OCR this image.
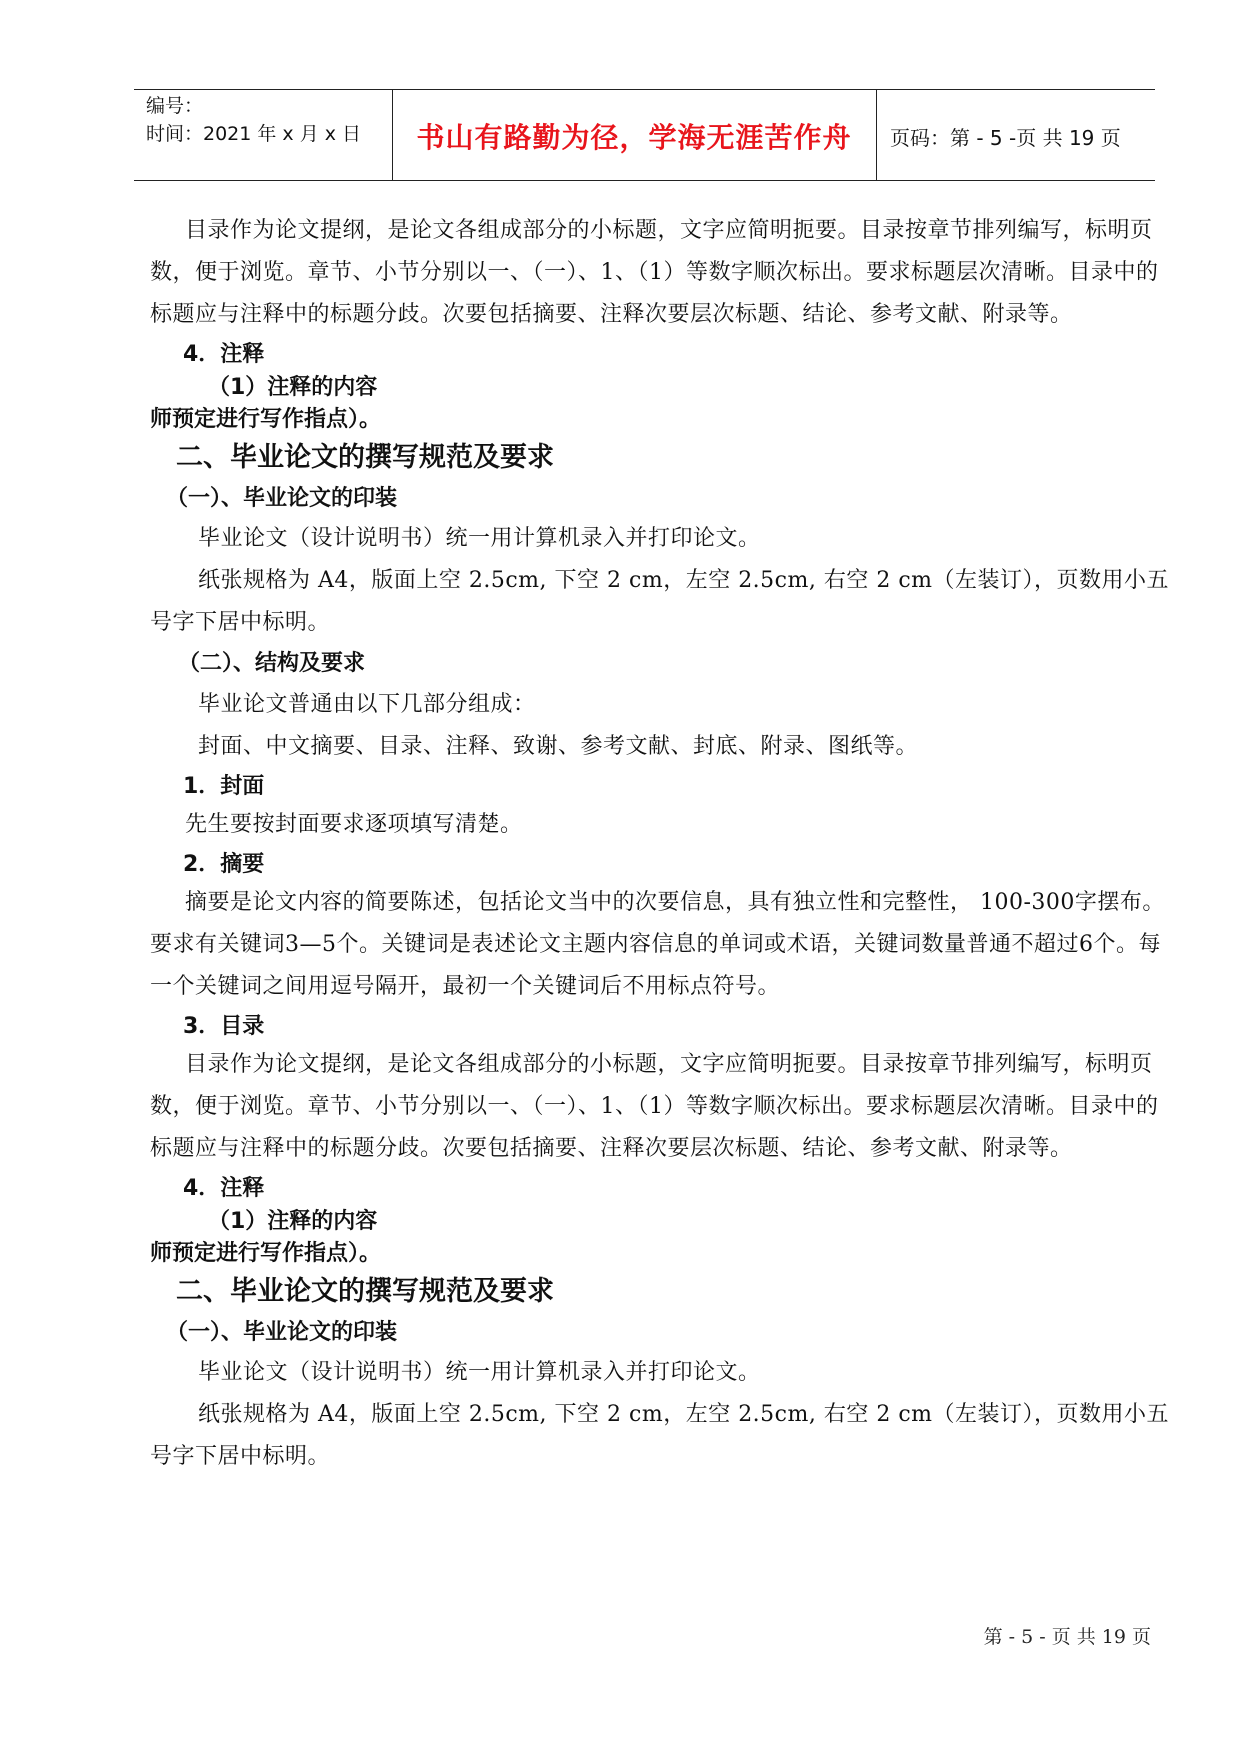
编号：
时间：2021 年 x 月 x 日	书山有路勤为径，学海无涯苦作舟	页码：第 - 5 -页 共 19 页

目录作为论文提纲，是论文各组成部分的小标题，文字应简明扼要。目录按章节排列编写，标明页数，便于浏览。章节、小节分别以一、（一）、1、（1）等数字顺次标出。要求标题层次清晰。目录中的标题应与注释中的标题分歧。次要包括摘要、注释次要层次标题、结论、参考文献、附录等。

4．注释
（1）注释的内容
师预定进行写作指点）。
二、毕业论文的撰写规范及要求
（一）、毕业论文的印装

毕业论文（设计说明书）统一用计算机录入并打印论文。

纸张规格为 A4，版面上空 2.5cm, 下空 2 cm，左空 2.5cm, 右空 2 cm（左装订），页数用小五号字下居中标明。

（二）、结构及要求

毕业论文普通由以下几部分组成：

封面、中文摘要、目录、注释、致谢、参考文献、封底、附录、图纸等。

1．封面

先生要按封面要求逐项填写清楚。

2．摘要

摘要是论文内容的简要陈述，包括论文当中的次要信息，具有独立性和完整性， 100-300字摆布。要求有关键词3—5个。关键词是表述论文主题内容信息的单词或术语，关键词数量普通不超过6个。每一个关键词之间用逗号隔开，最初一个关键词后不用标点符号。

3．目录

目录作为论文提纲，是论文各组成部分的小标题，文字应简明扼要。目录按章节排列编写，标明页数，便于浏览。章节、小节分别以一、（一）、1、（1）等数字顺次标出。要求标题层次清晰。目录中的标题应与注释中的标题分歧。次要包括摘要、注释次要层次标题、结论、参考文献、附录等。

4．注释
（1）注释的内容
师预定进行写作指点）。
二、毕业论文的撰写规范及要求
（一）、毕业论文的印装

毕业论文（设计说明书）统一用计算机录入并打印论文。

纸张规格为 A4，版面上空 2.5cm, 下空 2 cm，左空 2.5cm, 右空 2 cm（左装订），页数用小五号字下居中标明。

第 - 5 - 页 共 19 页
